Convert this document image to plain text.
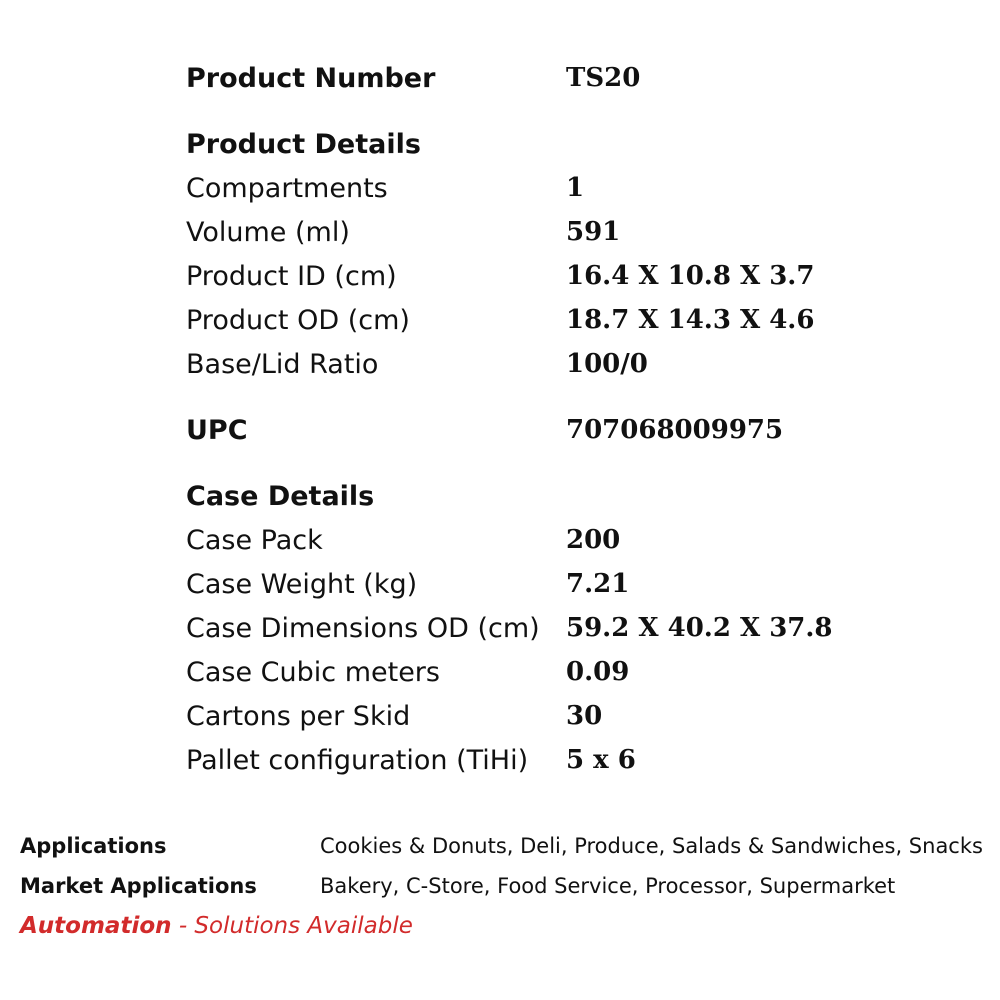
Product Number	TS20
Product Details
Compartments	1
Volume (ml)	591
Product ID (cm)	16.4 X 10.8 X 3.7
Product OD (cm)	18.7 X 14.3 X 4.6
Base/Lid Ratio	100/0
UPC	707068009975
Case Details
Case Pack	200
Case Weight (kg)	7.21
Case Dimensions OD (cm)	59.2 X 40.2 X 37.8
Case Cubic meters	0.09
Cartons per Skid	30
Pallet configuration (TiHi)	5 x 6
Applications	Cookies & Donuts, Deli, Produce, Salads & Sandwiches, Snacks
Market Applications	Bakery, C-Store, Food Service, Processor, Supermarket
Automation - Solutions Available
